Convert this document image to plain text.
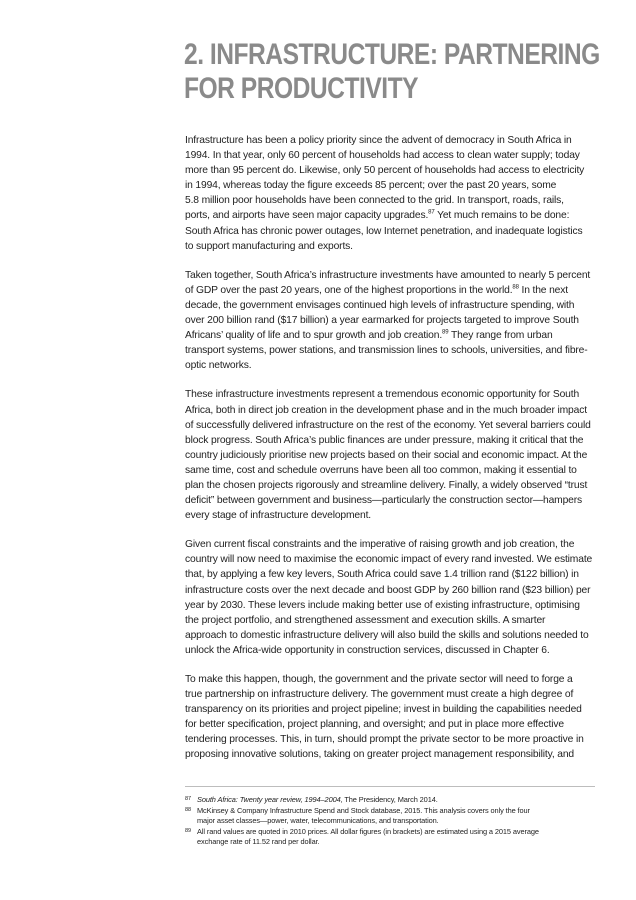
2. INFRASTRUCTURE: PARTNERING
FOR PRODUCTIVITY

Infrastructure has been a policy priority since the advent of democracy in South Africa in
1994. In that year, only 60 percent of households had access to clean water supply; today
more than 95 percent do. Likewise, only 50 percent of households had access to electricity
in 1994, whereas today the figure exceeds 85 percent; over the past 20 years, some
5.8 million poor households have been connected to the grid. In transport, roads, rails,
ports, and airports have seen major capacity upgrades.$^{87}$ Yet much remains to be done:
South Africa has chronic power outages, low Internet penetration, and inadequate logistics
to support manufacturing and exports.

Taken together, South Africa’s infrastructure investments have amounted to nearly 5 percent
of GDP over the past 20 years, one of the highest proportions in the world.$^{88}$ In the next
decade, the government envisages continued high levels of infrastructure spending, with
over 200 billion rand ($17 billion) a year earmarked for projects targeted to improve South
Africans’ quality of life and to spur growth and job creation.$^{89}$ They range from urban
transport systems, power stations, and transmission lines to schools, universities, and fibre-
optic networks.

These infrastructure investments represent a tremendous economic opportunity for South
Africa, both in direct job creation in the development phase and in the much broader impact
of successfully delivered infrastructure on the rest of the economy. Yet several barriers could
block progress. South Africa’s public finances are under pressure, making it critical that the
country judiciously prioritise new projects based on their social and economic impact. At the
same time, cost and schedule overruns have been all too common, making it essential to
plan the chosen projects rigorously and streamline delivery. Finally, a widely observed “trust
deficit” between government and business—particularly the construction sector—hampers
every stage of infrastructure development.

Given current fiscal constraints and the imperative of raising growth and job creation, the
country will now need to maximise the economic impact of every rand invested. We estimate
that, by applying a few key levers, South Africa could save 1.4 trillion rand ($122 billion) in
infrastructure costs over the next decade and boost GDP by 260 billion rand ($23 billion) per
year by 2030. These levers include making better use of existing infrastructure, optimising
the project portfolio, and strengthened assessment and execution skills. A smarter
approach to domestic infrastructure delivery will also build the skills and solutions needed to
unlock the Africa-wide opportunity in construction services, discussed in Chapter 6.

To make this happen, though, the government and the private sector will need to forge a
true partnership on infrastructure delivery. The government must create a high degree of
transparency on its priorities and project pipeline; invest in building the capabilities needed
for better specification, project planning, and oversight; and put in place more effective
tendering processes. This, in turn, should prompt the private sector to be more proactive in
proposing innovative solutions, taking on greater project management responsibility, and

87 South Africa: Twenty year review, 1994–2004, The Presidency, March 2014.
88 McKinsey & Company Infrastructure Spend and Stock database, 2015. This analysis covers only the four
major asset classes—power, water, telecommunications, and transportation.
89 All rand values are quoted in 2010 prices. All dollar figures (in brackets) are estimated using a 2015 average
exchange rate of 11.52 rand per dollar.
